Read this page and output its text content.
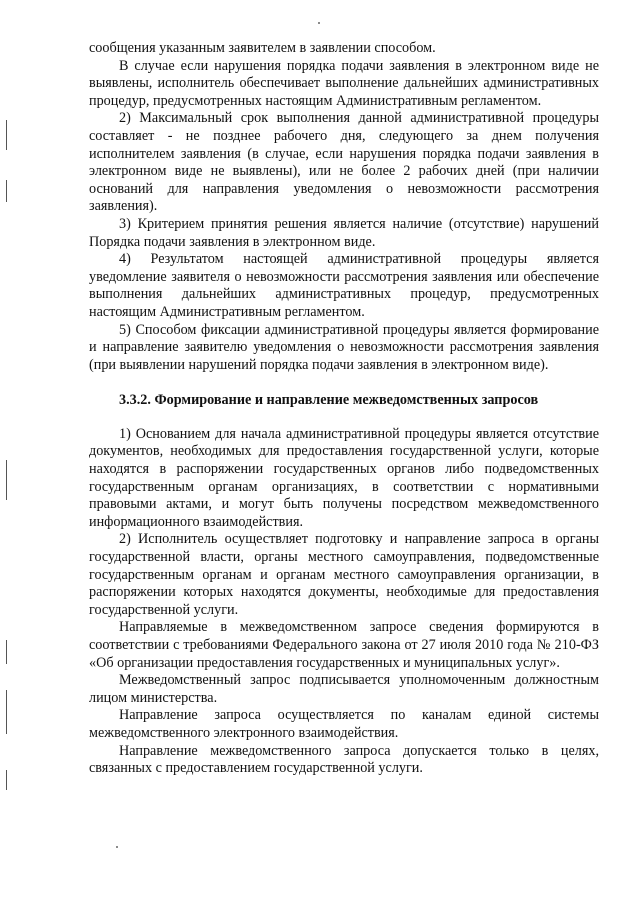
сообщения указанным заявителем в заявлении способом.

В случае если нарушения порядка подачи заявления в электронном виде не выявлены, исполнитель обеспечивает выполнение дальнейших административных процедур, предусмотренных настоящим Административным регламентом.

2) Максимальный срок выполнения данной административной процедуры составляет - не позднее рабочего дня, следующего за днем получения исполнителем заявления (в случае, если нарушения порядка подачи заявления в электронном виде не выявлены), или не более 2 рабочих дней (при наличии оснований для направления уведомления о невозможности рассмотрения заявления).

3) Критерием принятия решения является наличие (отсутствие) нарушений Порядка подачи заявления в электронном виде.

4) Результатом настоящей административной процедуры является уведомление заявителя о невозможности рассмотрения заявления или обеспечение выполнения дальнейших административных процедур, предусмотренных настоящим Административным регламентом.

5) Способом фиксации административной процедуры является формирование и направление заявителю уведомления о невозможности рассмотрения заявления (при выявлении нарушений порядка подачи заявления в электронном виде).

3.3.2. Формирование и направление межведомственных запросов

1) Основанием для начала административной процедуры является отсутствие документов, необходимых для предоставления государственной услуги, которые находятся в распоряжении государственных органов либо подведомственных государственным органам организациях, в соответствии с нормативными правовыми актами, и могут быть получены посредством межведомственного информационного взаимодействия.

2) Исполнитель осуществляет подготовку и направление запроса в органы государственной власти, органы местного самоуправления, подведомственные государственным органам и органам местного самоуправления организации, в распоряжении которых находятся документы, необходимые для предоставления государственной услуги.

Направляемые в межведомственном запросе сведения формируются в соответствии с требованиями Федерального закона от 27 июля 2010 года № 210-ФЗ «Об организации предоставления государственных и муниципальных услуг».

Межведомственный запрос подписывается уполномоченным должностным лицом министерства.

Направление запроса осуществляется по каналам единой системы межведомственного электронного взаимодействия.

Направление межведомственного запроса допускается только в целях, связанных с предоставлением государственной услуги.
